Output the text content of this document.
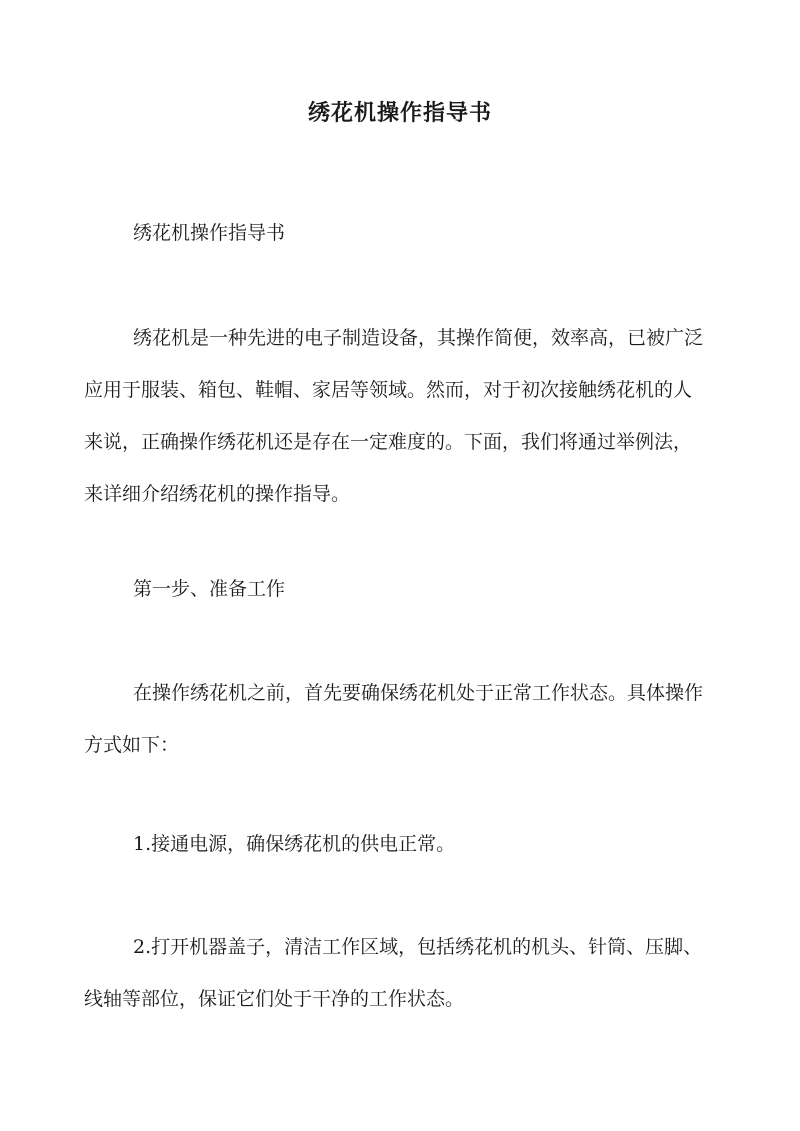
绣花机操作指导书

绣花机操作指导书

绣花机是一种先进的电子制造设备，其操作简便，效率高，已被广泛应用于服装、箱包、鞋帽、家居等领域。然而，对于初次接触绣花机的人来说，正确操作绣花机还是存在一定难度的。下面，我们将通过举例法，来详细介绍绣花机的操作指导。

第一步、准备工作

在操作绣花机之前，首先要确保绣花机处于正常工作状态。具体操作方式如下：

1.接通电源，确保绣花机的供电正常。

2.打开机器盖子，清洁工作区域，包括绣花机的机头、针筒、压脚、线轴等部位，保证它们处于干净的工作状态。
